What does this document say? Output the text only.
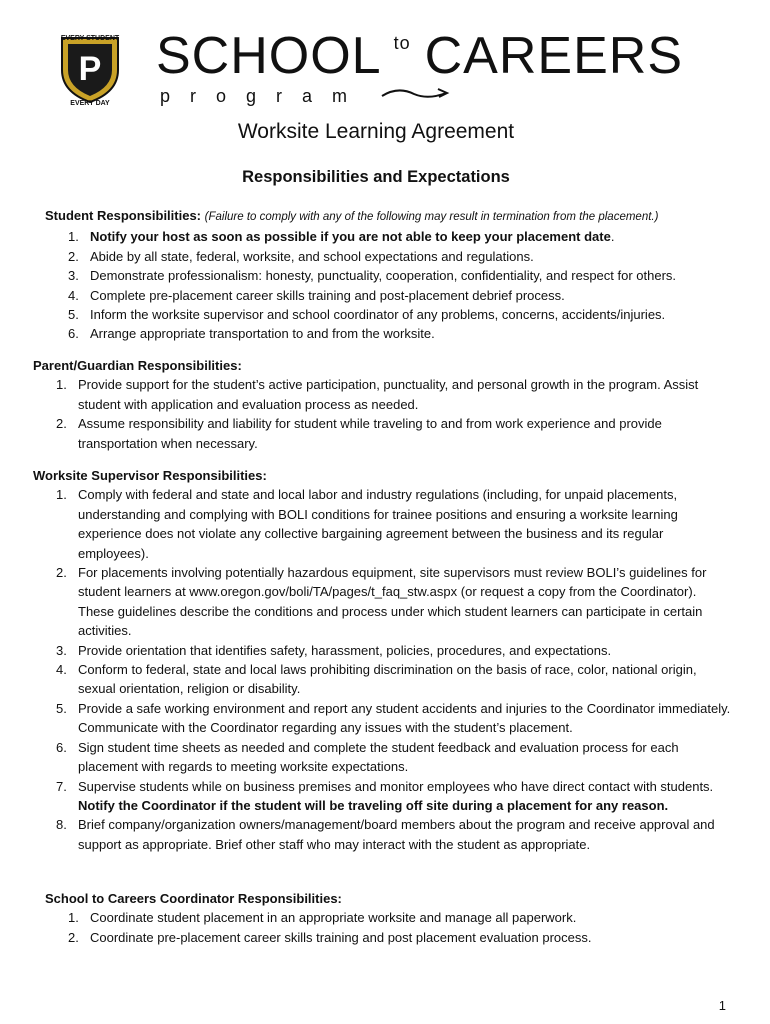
P
EVERY STUDENT
EVERY DAY
SCHOOL to CAREERS
program
Worksite Learning Agreement
Responsibilities and Expectations
Student Responsibilities: (Failure to comply with any of the following may result in termination from the placement.)
1. Notify your host as soon as possible if you are not able to keep your placement date.
2. Abide by all state, federal, worksite, and school expectations and regulations.
3. Demonstrate professionalism: honesty, punctuality, cooperation, confidentiality, and respect for others.
4. Complete pre-placement career skills training and post-placement debrief process.
5. Inform the worksite supervisor and school coordinator of any problems, concerns, accidents/injuries.
6. Arrange appropriate transportation to and from the worksite.
Parent/Guardian Responsibilities:
1. Provide support for the student’s active participation, punctuality, and personal growth in the program. Assist student with application and evaluation process as needed.
2. Assume responsibility and liability for student while traveling to and from work experience and provide transportation when necessary.
Worksite Supervisor Responsibilities:
1. Comply with federal and state and local labor and industry regulations (including, for unpaid placements, understanding and complying with BOLI conditions for trainee positions and ensuring a worksite learning experience does not violate any collective bargaining agreement between the business and its regular employees).
2. For placements involving potentially hazardous equipment, site supervisors must review BOLI’s guidelines for student learners at www.oregon.gov/boli/TA/pages/t_faq_stw.aspx (or request a copy from the Coordinator). These guidelines describe the conditions and process under which student learners can participate in certain activities.
3. Provide orientation that identifies safety, harassment, policies, procedures, and expectations.
4. Conform to federal, state and local laws prohibiting discrimination on the basis of race, color, national origin, sexual orientation, religion or disability.
5. Provide a safe working environment and report any student accidents and injuries to the Coordinator immediately. Communicate with the Coordinator regarding any issues with the student’s placement.
6. Sign student time sheets as needed and complete the student feedback and evaluation process for each placement with regards to meeting worksite expectations.
7. Supervise students while on business premises and monitor employees who have direct contact with students. Notify the Coordinator if the student will be traveling off site during a placement for any reason.
8. Brief company/organization owners/management/board members about the program and receive approval and support as appropriate. Brief other staff who may interact with the student as appropriate.
School to Careers Coordinator Responsibilities:
1. Coordinate student placement in an appropriate worksite and manage all paperwork.
2. Coordinate pre-placement career skills training and post placement evaluation process.
1
